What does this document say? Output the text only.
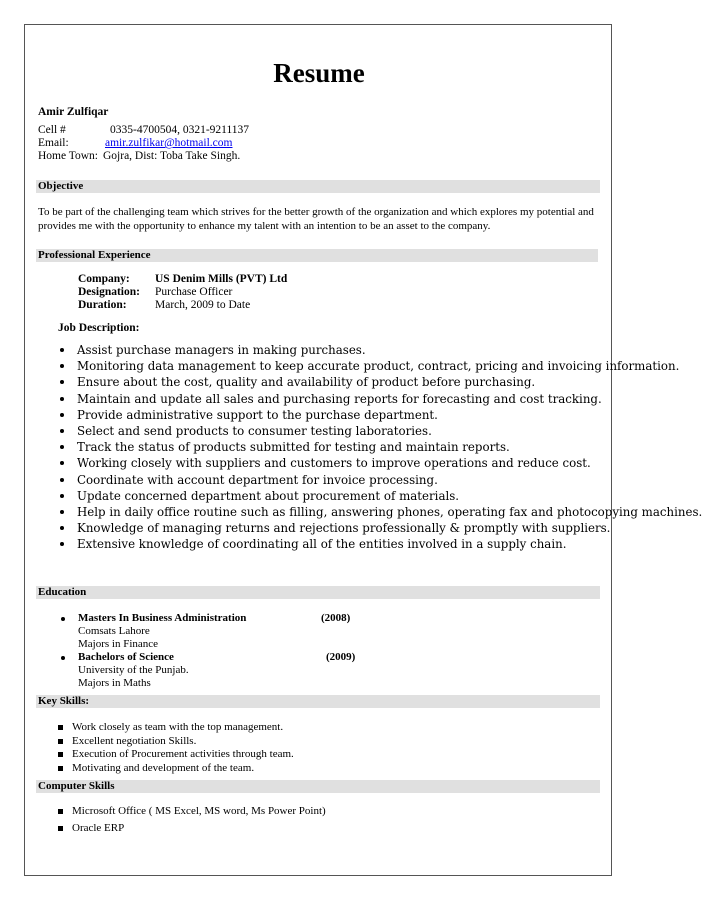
Resume
Amir Zulfiqar
Cell #	0335-4700504, 0321-9211137
Email:	amir.zulfikar@hotmail.com
Home Town: Gojra, Dist: Toba Take Singh.
Objective
To be part of the challenging team which strives for the better growth of the organization and which explores my potential and
provides me with the opportunity to enhance my talent with an intention to be an asset to the company.
Professional Experience
Company: US Denim Mills (PVT) Ltd
Designation: Purchase Officer
Duration: March, 2009 to Date
Job Description:
Assist purchase managers in making purchases.
Monitoring data management to keep accurate product, contract, pricing and invoicing information.
Ensure about the cost, quality and availability of product before purchasing.
Maintain and update all sales and purchasing reports for forecasting and cost tracking.
Provide administrative support to the purchase department.
Select and send products to consumer testing laboratories.
Track the status of products submitted for testing and maintain reports.
Working closely with suppliers and customers to improve operations and reduce cost.
Coordinate with account department for invoice processing.
Update concerned department about procurement of materials.
Help in daily office routine such as filling, answering phones, operating fax and photocopying machines.
Knowledge of managing returns and rejections professionally & promptly with suppliers.
Extensive knowledge of coordinating all of the entities involved in a supply chain.
Education
Masters In Business Administration	(2008)
Comsats Lahore
Majors in Finance
Bachelors of Science	(2009)
University of the Punjab.
Majors in Maths
Key Skills:
Work closely as team with the top management.
Excellent negotiation Skills.
Execution of Procurement activities through team.
Motivating and development of the team.
Computer Skills
Microsoft Office ( MS Excel, MS word, Ms Power Point)
Oracle ERP
